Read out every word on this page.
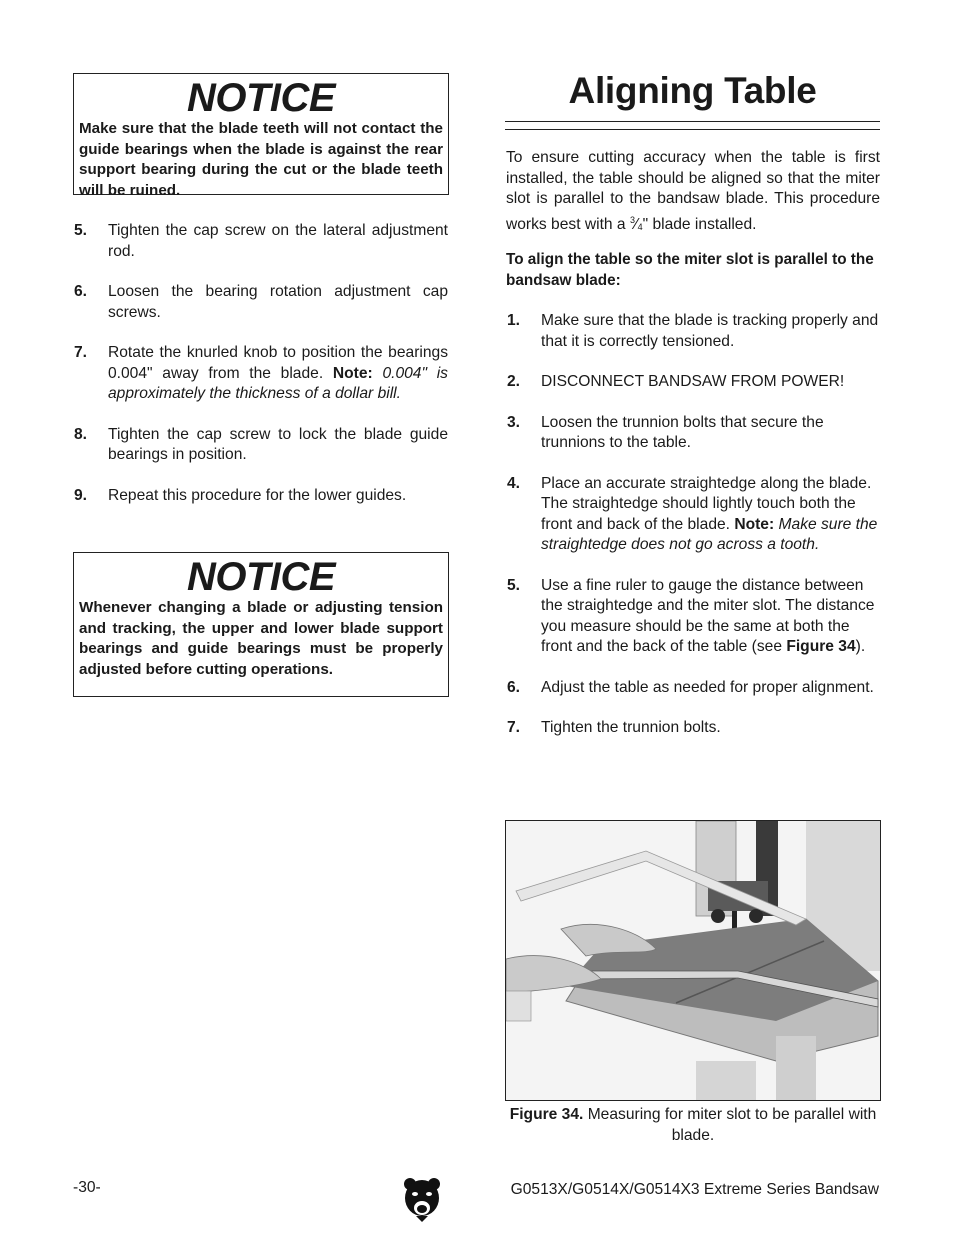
NOTICE
Make sure that the blade teeth will not contact the guide bearings when the blade is against the rear support bearing during the cut or the blade teeth will be ruined.
5. Tighten the cap screw on the lateral adjustment rod.
6. Loosen the bearing rotation adjustment cap screws.
7. Rotate the knurled knob to position the bearings 0.004" away from the blade. Note: 0.004" is approximately the thickness of a dollar bill.
8. Tighten the cap screw to lock the blade guide bearings in position.
9. Repeat this procedure for the lower guides.
NOTICE
Whenever changing a blade or adjusting tension and tracking, the upper and lower blade support bearings and guide bearings must be properly adjusted before cutting operations.
Aligning Table
To ensure cutting accuracy when the table is first installed, the table should be aligned so that the miter slot is parallel to the bandsaw blade. This procedure works best with a $^3⁄_4$" blade installed.
To align the table so the miter slot is parallel to the bandsaw blade:
1. Make sure that the blade is tracking properly and that it is correctly tensioned.
2. DISCONNECT BANDSAW FROM POWER!
3. Loosen the trunnion bolts that secure the trunnions to the table.
4. Place an accurate straightedge along the blade. The straightedge should lightly touch both the front and back of the blade. Note: Make sure the straightedge does not go across a tooth.
5. Use a fine ruler to gauge the distance between the straightedge and the miter slot. The distance you measure should be the same at both the front and the back of the table (see Figure 34).
6. Adjust the table as needed for proper alignment.
7. Tighten the trunnion bolts.
Figure 34. Measuring for miter slot to be parallel with blade.
-30-	G0513X/G0514X/G0514X3 Extreme Series Bandsaw
